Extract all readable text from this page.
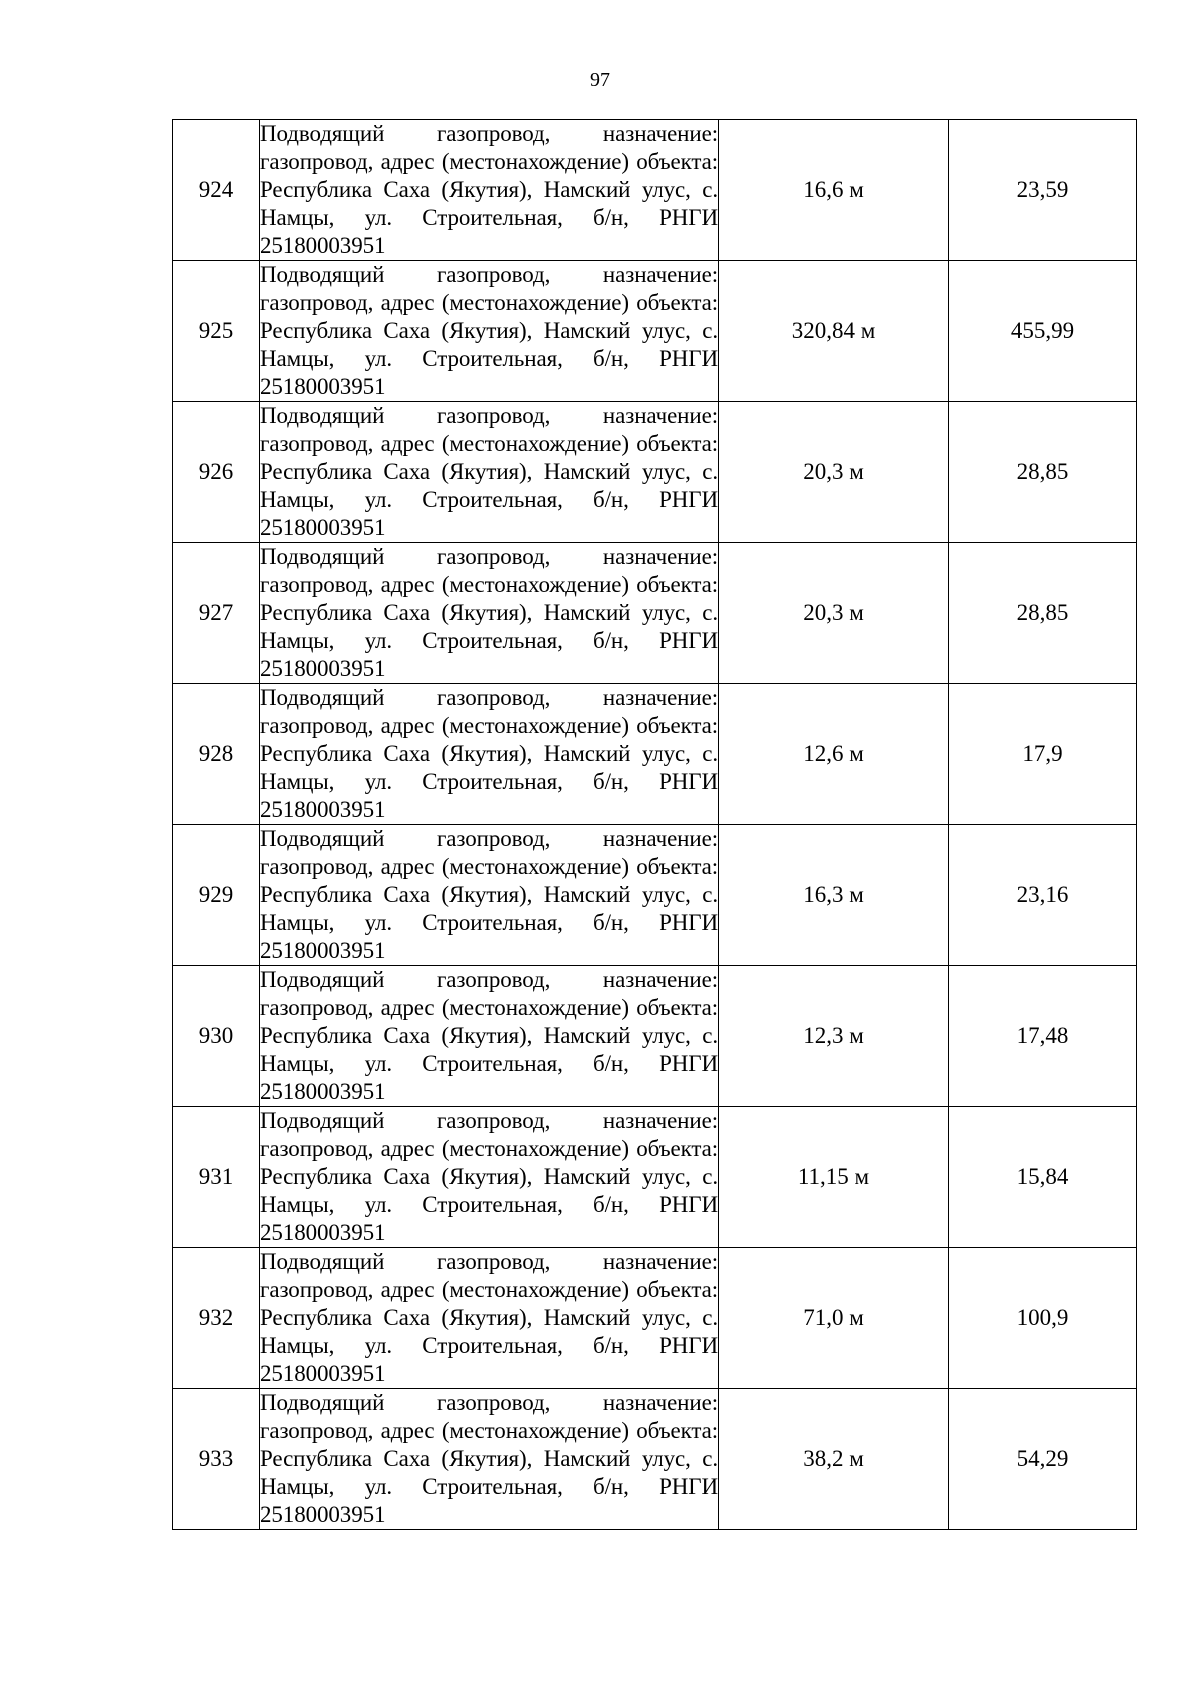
97
924	Подводящий газопровод, назначение: газопровод, адрес (местонахождение) объекта: Республика Саха (Якутия), Намский улус, с. Намцы, ул. Строительная, б/н, РНГИ 25180003951	16,6 м	23,59
925	Подводящий газопровод, назначение: газопровод, адрес (местонахождение) объекта: Республика Саха (Якутия), Намский улус, с. Намцы, ул. Строительная, б/н, РНГИ 25180003951	320,84 м	455,99
926	Подводящий газопровод, назначение: газопровод, адрес (местонахождение) объекта: Республика Саха (Якутия), Намский улус, с. Намцы, ул. Строительная, б/н, РНГИ 25180003951	20,3 м	28,85
927	Подводящий газопровод, назначение: газопровод, адрес (местонахождение) объекта: Республика Саха (Якутия), Намский улус, с. Намцы, ул. Строительная, б/н, РНГИ 25180003951	20,3 м	28,85
928	Подводящий газопровод, назначение: газопровод, адрес (местонахождение) объекта: Республика Саха (Якутия), Намский улус, с. Намцы, ул. Строительная, б/н, РНГИ 25180003951	12,6 м	17,9
929	Подводящий газопровод, назначение: газопровод, адрес (местонахождение) объекта: Республика Саха (Якутия), Намский улус, с. Намцы, ул. Строительная, б/н, РНГИ 25180003951	16,3 м	23,16
930	Подводящий газопровод, назначение: газопровод, адрес (местонахождение) объекта: Республика Саха (Якутия), Намский улус, с. Намцы, ул. Строительная, б/н, РНГИ 25180003951	12,3 м	17,48
931	Подводящий газопровод, назначение: газопровод, адрес (местонахождение) объекта: Республика Саха (Якутия), Намский улус, с. Намцы, ул. Строительная, б/н, РНГИ 25180003951	11,15 м	15,84
932	Подводящий газопровод, назначение: газопровод, адрес (местонахождение) объекта: Республика Саха (Якутия), Намский улус, с. Намцы, ул. Строительная, б/н, РНГИ 25180003951	71,0 м	100,9
933	Подводящий газопровод, назначение: газопровод, адрес (местонахождение) объекта: Республика Саха (Якутия), Намский улус, с. Намцы, ул. Строительная, б/н, РНГИ 25180003951	38,2 м	54,29
